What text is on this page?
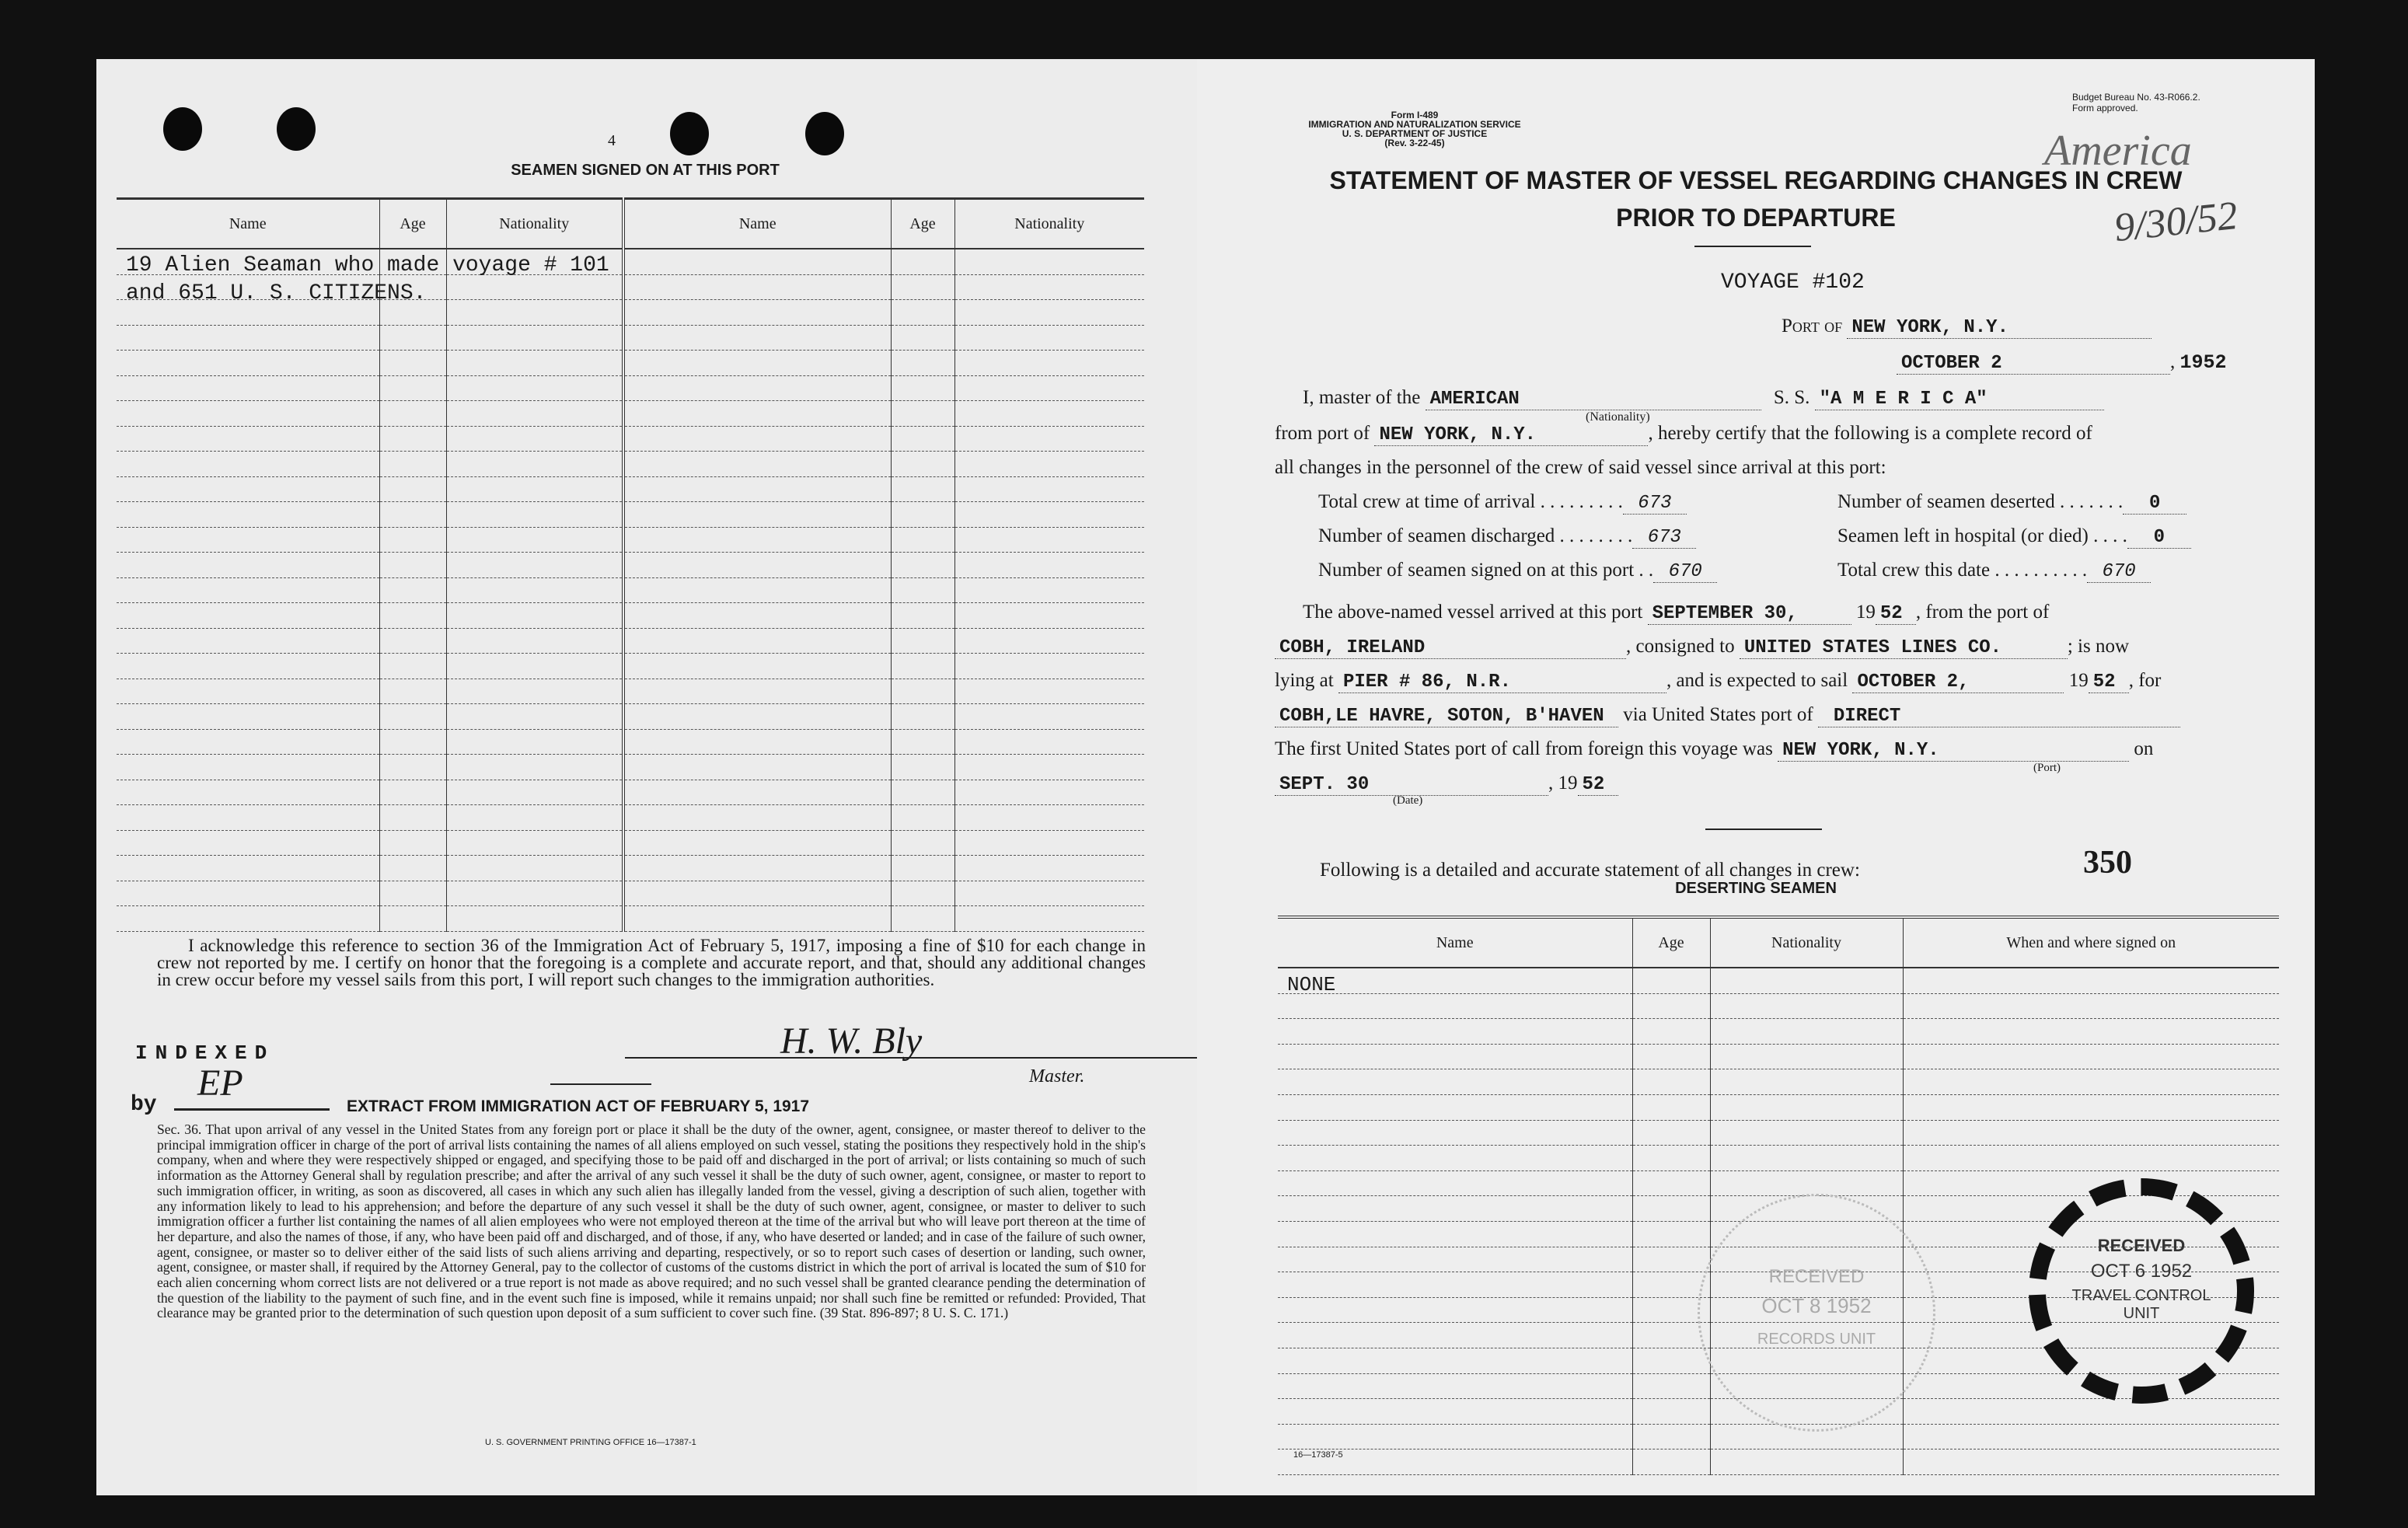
4
SEAMEN SIGNED ON AT THIS PORT
Name	Age	Nationality	Name	Age	Nationality

19 Alien Seaman who made voyage # 101
and 651 U. S. CITIZENS.
I acknowledge this reference to section 36 of the Immigration Act of February 5, 1917, imposing a fine of $10 for each change in crew not reported by me. I certify on honor that the foregoing is a complete and accurate report, and that, should any additional changes in crew occur before my vessel sails from this port, I will report such changes to the immigration authorities.
INDEXED
by
EP
H. W. Bly
Master.
EXTRACT FROM IMMIGRATION ACT OF FEBRUARY 5, 1917
Sec. 36. That upon arrival of any vessel in the United States from any foreign port or place it shall be the duty of the owner, agent, consignee, or master thereof to deliver to the principal immigration officer in charge of the port of arrival lists containing the names of all aliens employed on such vessel, stating the positions they respectively hold in the ship's company, when and where they were respectively shipped or engaged, and specifying those to be paid off and discharged in the port of arrival; or lists containing so much of such information as the Attorney General shall by regulation prescribe; and after the arrival of any such vessel it shall be the duty of such owner, agent, consignee, or master to report to such immigration officer, in writing, as soon as discovered, all cases in which any such alien has illegally landed from the vessel, giving a description of such alien, together with any information likely to lead to his apprehension; and before the departure of any such vessel it shall be the duty of such owner, agent, consignee, or master to deliver to such immigration officer a further list containing the names of all alien employees who were not employed thereon at the time of the arrival but who will leave port thereon at the time of her departure, and also the names of those, if any, who have been paid off and discharged, and of those, if any, who have deserted or landed; and in case of the failure of such owner, agent, consignee, or master so to deliver either of the said lists of such aliens arriving and departing, respectively, or so to report such cases of desertion or landing, such owner, agent, consignee, or master shall, if required by the Attorney General, pay to the collector of customs of the customs district in which the port of arrival is located the sum of $10 for each alien concerning whom correct lists are not delivered or a true report is not made as above required; and no such vessel shall be granted clearance pending the determination of the question of the liability to the payment of such fine, and in the event such fine is imposed, while it remains unpaid; nor shall such fine be remitted or refunded: Provided, That clearance may be granted prior to the determination of such question upon deposit of a sum sufficient to cover such fine. (39 Stat. 896-897; 8 U. S. C. 171.)
U. S. GOVERNMENT PRINTING OFFICE 16—17387-1
Form I-489
IMMIGRATION AND NATURALIZATION SERVICE
U. S. DEPARTMENT OF JUSTICE
(Rev. 3-22-45)
Budget Bureau No. 43-R066.2.
Form approved.
STATEMENT OF MASTER OF VESSEL REGARDING CHANGES IN CREW
PRIOR TO DEPARTURE
America
9/30/52
VOYAGE #102
Port of NEW YORK, N.Y.
OCTOBER 2	, 1952
I, master of the AMERICAN	S. S. "A M E R I C A"
(Nationality)
from port of NEW YORK, N.Y.	, hereby certify that the following is a complete record of
all changes in the personnel of the crew of said vessel since arrival at this port:
Total crew at time of arrival . . . . . . . . . 673	Number of seamen deserted . . . . . . . 0
Number of seamen discharged . . . . . . . . 673	Seamen left in hospital (or died) . . . . 0
Number of seamen signed on at this port . . 670	Total crew this date . . . . . . . . . . 670
The above-named vessel arrived at this port SEPTEMBER 30,	19 52 , from the port of
COBH, IRELAND	, consigned to UNITED STATES LINES CO.	; is now
lying at PIER # 86, N.R.	, and is expected to sail OCTOBER 2,	19 52 , for
COBH,LE HAVRE, SOTON, B'HAVEN via United States port of DIRECT
The first United States port of call from foreign this voyage was NEW YORK, N.Y.	on
(Port)
SEPT. 30	, 19 52
(Date)
Following is a detailed and accurate statement of all changes in crew:	350
DESERTING SEAMEN
Name	Age	Nationality	When and where signed on

NONE
RECEIVED
OCT 8 1952
RECORDS UNIT
RECEIVED
OCT 6 1952
TRAVEL CONTROL
UNIT
16—17387-5
